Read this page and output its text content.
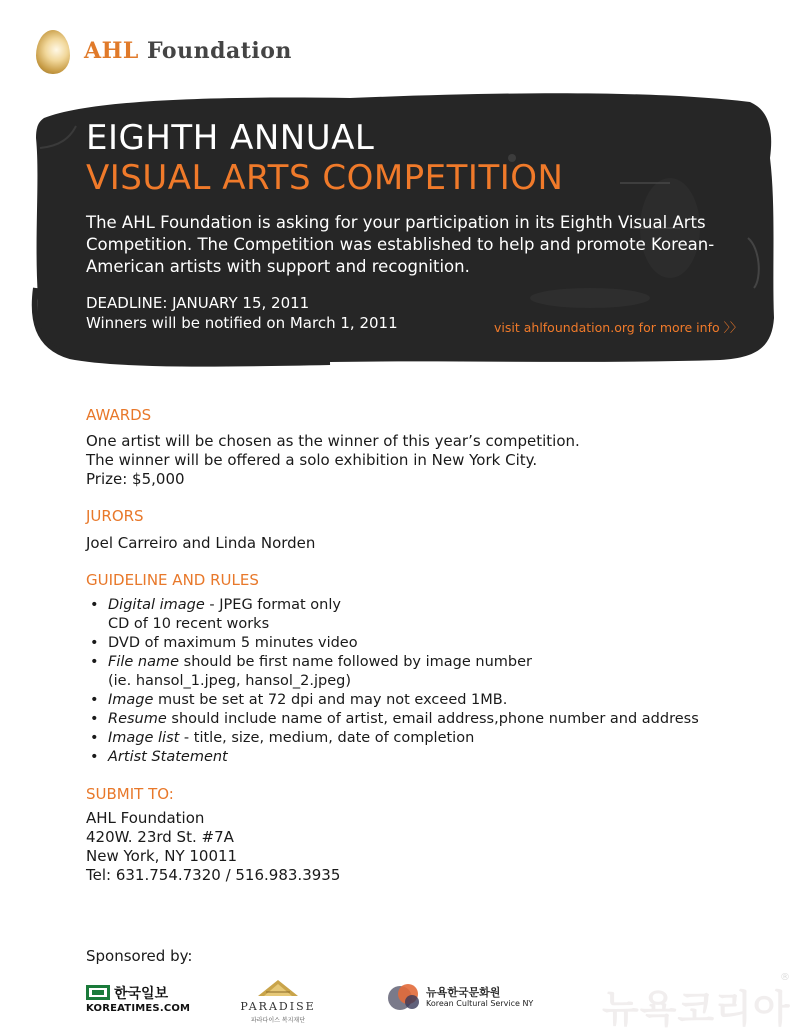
AHL Foundation
EIGHTH ANNUAL
VISUAL ARTS COMPETITION
The AHL Foundation is asking for your participation in its Eighth Visual Arts Competition. The Competition was established to help and promote Korean-American artists with support and recognition.
DEADLINE: JANUARY 15, 2011
Winners will be notified on March 1, 2011	visit ahlfoundation.org for more info 〉〉
AWARDS
One artist will be chosen as the winner of this year’s competition.
The winner will be offered a solo exhibition in New York City.
Prize: $5,000
JURORS
Joel Carreiro and Linda Norden
GUIDELINE AND RULES
• Digital image - JPEG format only
CD of 10 recent works
• DVD of maximum 5 minutes video
• File name should be first name followed by image number
(ie. hansol_1.jpeg, hansol_2.jpeg)
• Image must be set at 72 dpi and may not exceed 1MB.
• Resume should include name of artist, email address,phone number and address
• Image list - title, size, medium, date of completion
• Artist Statement
SUBMIT TO:
AHL Foundation
420W. 23rd St. #7A
New York, NY 10011
Tel: 631.754.7320 / 516.983.3935
Sponsored by:
한국일보
KOREATIMES.COM	PARADISE
파라다이스 복지재단
뉴욕한국문화원
Korean Cultural Service NY 뉴욕코리아
®
